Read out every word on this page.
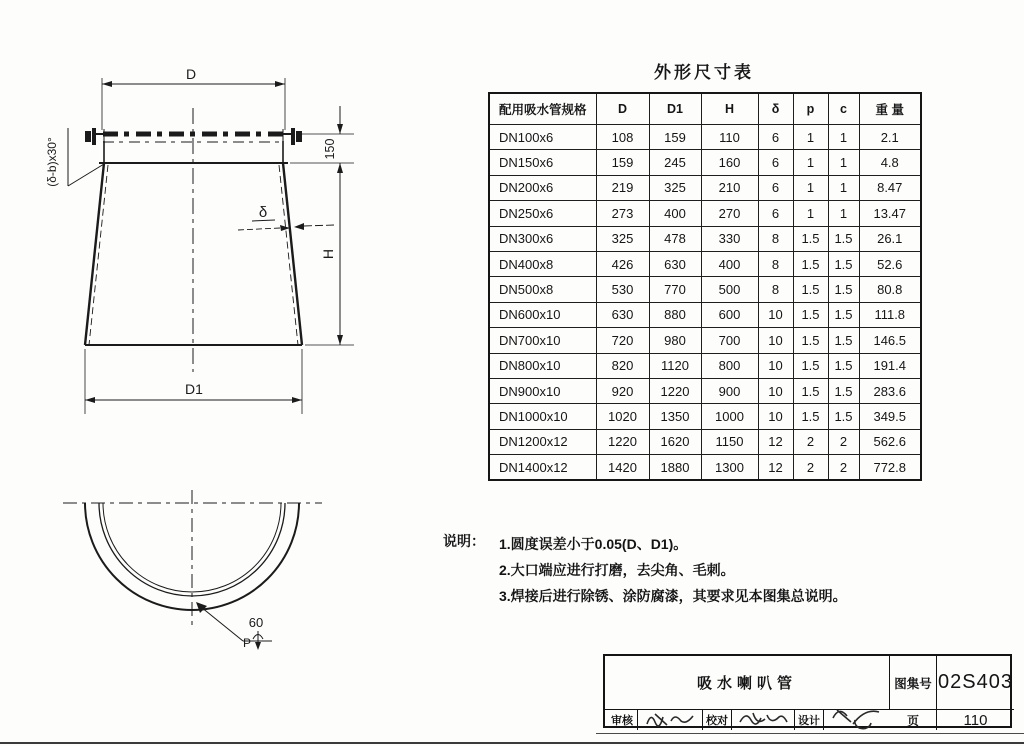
D
D1
150
H
δ
(δ-b)x30°
60
P
外形尺寸表
配用吸水管规格	D	D1	H	δ	p	c	重 量
DN100x6	108	159	110	6	1	1	2.1
DN150x6	159	245	160	6	1	1	4.8
DN200x6	219	325	210	6	1	1	8.47
DN250x6	273	400	270	6	1	1	13.47
DN300x6	325	478	330	8	1.5	1.5	26.1
DN400x8	426	630	400	8	1.5	1.5	52.6
DN500x8	530	770	500	8	1.5	1.5	80.8
DN600x10	630	880	600	10	1.5	1.5	111.8
DN700x10	720	980	700	10	1.5	1.5	146.5
DN800x10	820	1120	800	10	1.5	1.5	191.4
DN900x10	920	1220	900	10	1.5	1.5	283.6
DN1000x10	1020	1350	1000	10	1.5	1.5	349.5
DN1200x12	1220	1620	1150	12	2	2	562.6
DN1400x12	1420	1880	1300	12	2	2	772.8
说明： 1.圆度误差小于0.05(D、D1)。
2.大口端应进行打磨，去尖角、毛刺。
3.焊接后进行除锈、涂防腐漆，其要求见本图集总说明。
吸水喇叭管	图集号 02S403
审核	校对	设计	页	110
